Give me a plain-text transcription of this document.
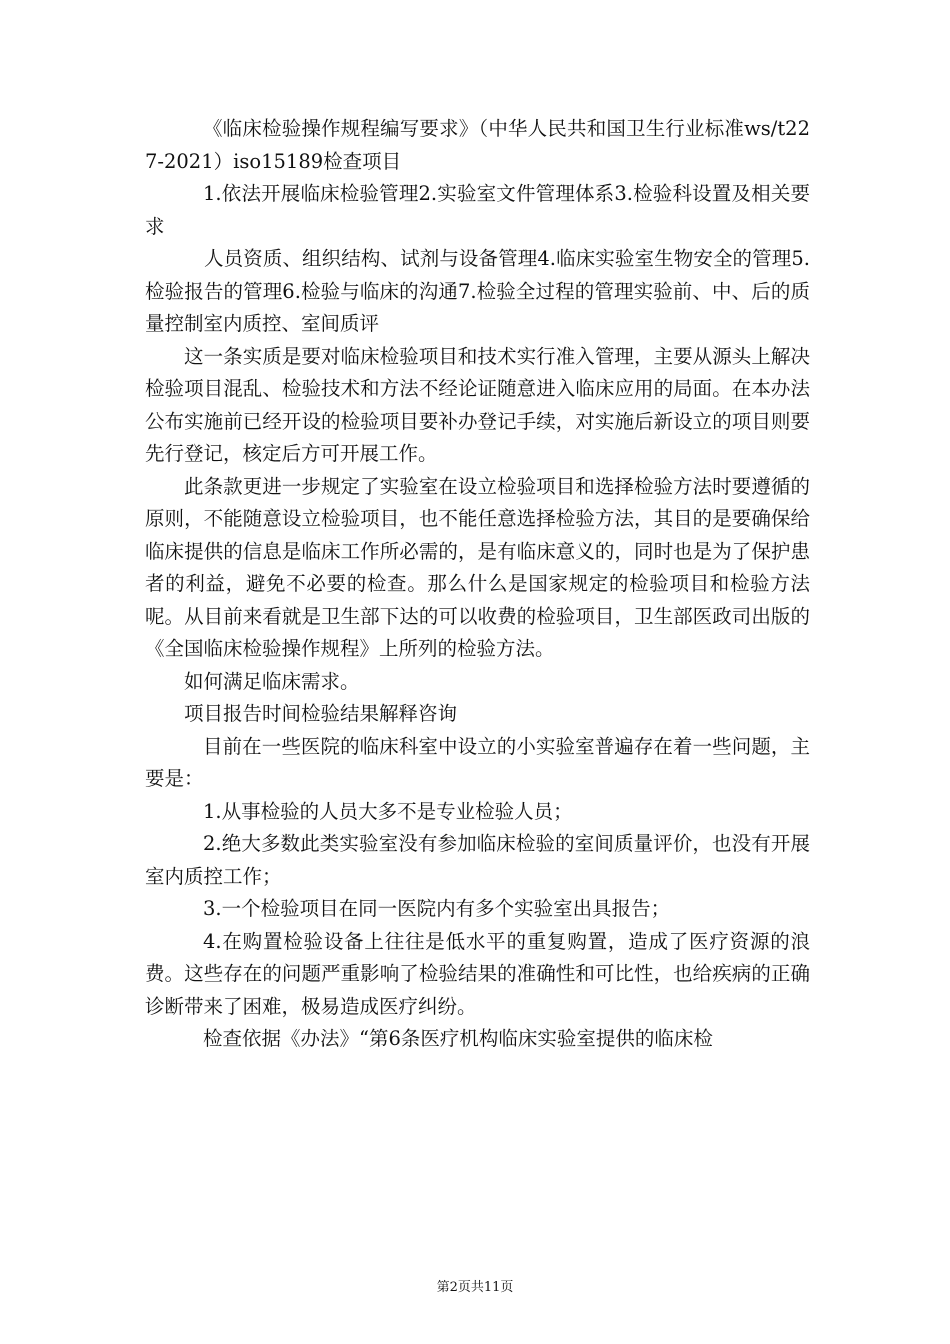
《临床检验操作规程编写要求》（中华人民共和国卫生行业标准ws/t227-2021）iso15189检查项目

1.依法开展临床检验管理2.实验室文件管理体系3.检验科设置及相关要求

人员资质、组织结构、试剂与设备管理4.临床实验室生物安全的管理5.检验报告的管理6.检验与临床的沟通7.检验全过程的管理实验前、中、后的质量控制室内质控、室间质评

这一条实质是要对临床检验项目和技术实行准入管理，主要从源头上解决检验项目混乱、检验技术和方法不经论证随意进入临床应用的局面。在本办法公布实施前已经开设的检验项目要补办登记手续，对实施后新设立的项目则要先行登记，核定后方可开展工作。

此条款更进一步规定了实验室在设立检验项目和选择检验方法时要遵循的原则，不能随意设立检验项目，也不能任意选择检验方法，其目的是要确保给临床提供的信息是临床工作所必需的，是有临床意义的，同时也是为了保护患者的利益，避免不必要的检查。那么什么是国家规定的检验项目和检验方法呢。从目前来看就是卫生部下达的可以收费的检验项目，卫生部医政司出版的《全国临床检验操作规程》上所列的检验方法。

如何满足临床需求。

项目报告时间检验结果解释咨询

目前在一些医院的临床科室中设立的小实验室普遍存在着一些问题，主要是：

1.从事检验的人员大多不是专业检验人员；

2.绝大多数此类实验室没有参加临床检验的室间质量评价，也没有开展室内质控工作；

3.一个检验项目在同一医院内有多个实验室出具报告；

4.在购置检验设备上往往是低水平的重复购置，造成了医疗资源的浪费。这些存在的问题严重影响了检验结果的准确性和可比性，也给疾病的正确诊断带来了困难，极易造成医疗纠纷。

检查依据《办法》“第6条医疗机构临床实验室提供的临床检

第2页共11页
